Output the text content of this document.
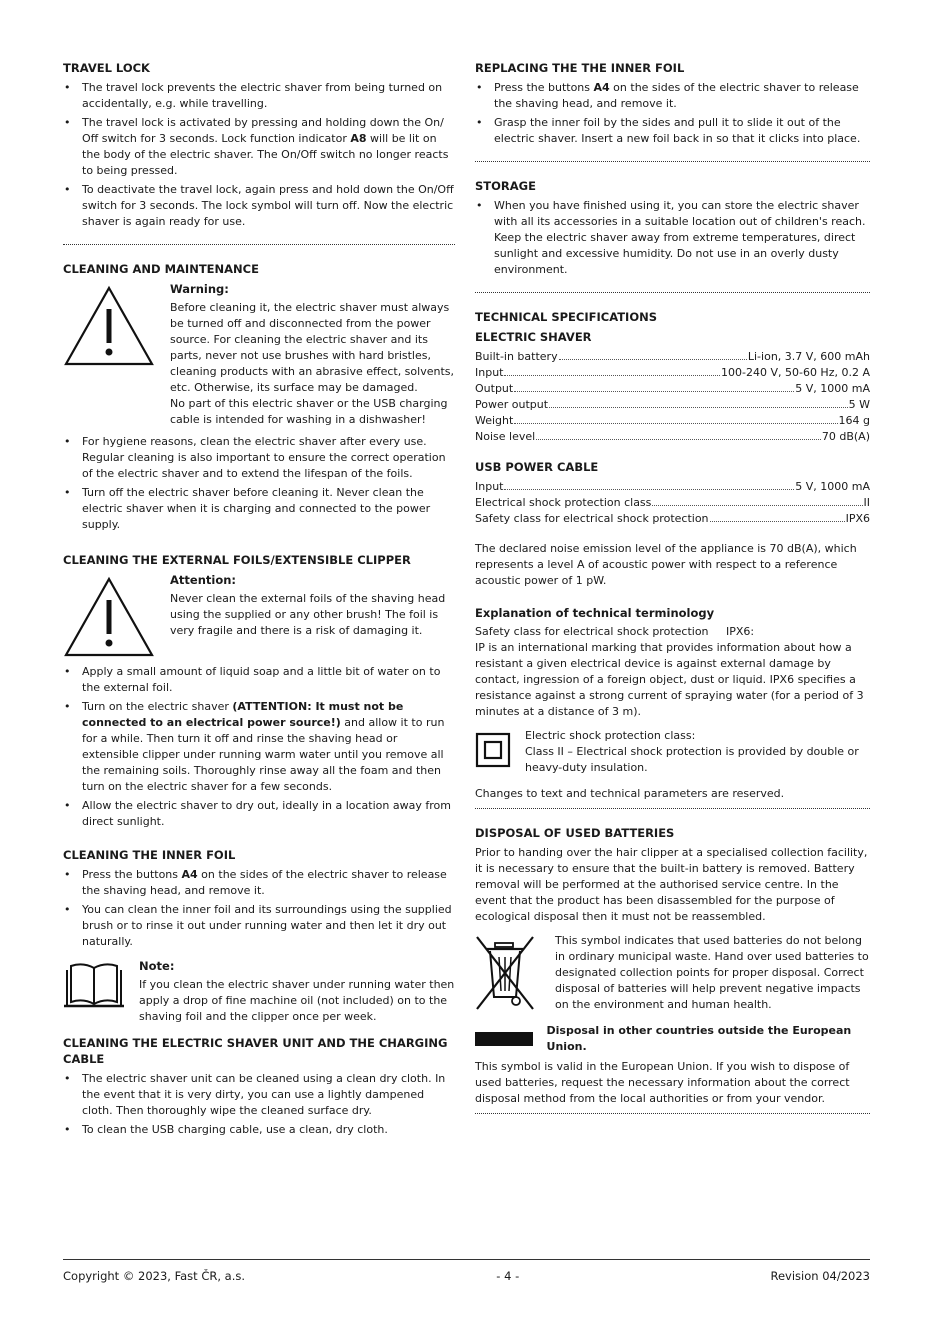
TRAVEL LOCK
• The travel lock prevents the electric shaver from being turned on accidentally, e.g. while travelling.
• The travel lock is activated by pressing and holding down the On/ Off switch for 3 seconds. Lock function indicator A8 will be lit on the body of the electric shaver. The On/Off switch no longer reacts to being pressed.
• To deactivate the travel lock, again press and hold down the On/Off switch for 3 seconds. The lock symbol will turn off. Now the electric shaver is again ready for use.
CLEANING AND MAINTENANCE
Warning:
Before cleaning it, the electric shaver must always be turned off and disconnected from the power source. For cleaning the electric shaver and its parts, never not use brushes with hard bristles, cleaning products with an abrasive effect, solvents, etc. Otherwise, its surface may be damaged.
No part of this electric shaver or the USB charging cable is intended for washing in a dishwasher!
• For hygiene reasons, clean the electric shaver after every use. Regular cleaning is also important to ensure the correct operation of the electric shaver and to extend the lifespan of the foils.
• Turn off the electric shaver before cleaning it. Never clean the electric shaver when it is charging and connected to the power supply.
CLEANING THE EXTERNAL FOILS/EXTENSIBLE CLIPPER
Attention:
Never clean the external foils of the shaving head using the supplied or any other brush! The foil is very fragile and there is a risk of damaging it.
• Apply a small amount of liquid soap and a little bit of water on to the external foil.
• Turn on the electric shaver (ATTENTION: It must not be connected to an electrical power source!) and allow it to run for a while. Then turn it off and rinse the shaving head or extensible clipper under running warm water until you remove all the remaining soils. Thoroughly rinse away all the foam and then turn on the electric shaver for a few seconds.
• Allow the electric shaver to dry out, ideally in a location away from direct sunlight.
CLEANING THE INNER FOIL
• Press the buttons A4 on the sides of the electric shaver to release the shaving head, and remove it.
• You can clean the inner foil and its surroundings using the supplied brush or to rinse it out under running water and then let it dry out naturally.
Note:
If you clean the electric shaver under running water then apply a drop of fine machine oil (not included) on to the shaving foil and the clipper once per week.
CLEANING THE ELECTRIC SHAVER UNIT AND THE CHARGING CABLE
• The electric shaver unit can be cleaned using a clean dry cloth. In the event that it is very dirty, you can use a lightly dampened cloth. Then thoroughly wipe the cleaned surface dry.
• To clean the USB charging cable, use a clean, dry cloth.
REPLACING THE THE INNER FOIL
• Press the buttons A4 on the sides of the electric shaver to release the shaving head, and remove it.
• Grasp the inner foil by the sides and pull it to slide it out of the electric shaver. Insert a new foil back in so that it clicks into place.
STORAGE
• When you have finished using it, you can store the electric shaver with all its accessories in a suitable location out of children's reach. Keep the electric shaver away from extreme temperatures, direct sunlight and excessive humidity. Do not use in an overly dusty environment.
TECHNICAL SPECIFICATIONS
ELECTRIC SHAVER
Built-in battery	Li-ion, 3.7 V, 600 mAh
Input	100-240 V, 50-60 Hz, 0.2 A
Output	5 V, 1000 mA
Power output	5 W
Weight	164 g
Noise level	70 dB(A)
USB POWER CABLE
Input	5 V, 1000 mA
Electrical shock protection class	II
Safety class for electrical shock protection	IPX6

The declared noise emission level of the appliance is 70 dB(A), which represents a level A of acoustic power with respect to a reference acoustic power of 1 pW.

Explanation of technical terminology
Safety class for electrical shock protection     IPX6:
IP is an international marking that provides information about how a resistant a given electrical device is against external damage by contact, ingression of a foreign object, dust or liquid. IPX6 specifies a resistance against a strong current of spraying water (for a period of 3 minutes at a distance of 3 m).
Electric shock protection class:
Class II – Electrical shock protection is provided by double or heavy-duty insulation.

Changes to text and technical parameters are reserved.

DISPOSAL OF USED BATTERIES

Prior to handing over the hair clipper at a specialised collection facility, it is necessary to ensure that the built-in battery is removed. Battery removal will be performed at the authorised service centre. In the event that the product has been disassembled for the purpose of ecological disposal then it must not be reassembled.

This symbol indicates that used batteries do not belong in ordinary municipal waste. Hand over used batteries to designated collection points for proper disposal. Correct disposal of batteries will help prevent negative impacts on the environment and human health.
Disposal in other countries outside the European Union.

This symbol is valid in the European Union. If you wish to dispose of used batteries, request the necessary information about the correct disposal method from the local authorities or from your vendor.

Copyright © 2023, Fast ČR, a.s.	- 4 -	Revision 04/2023
